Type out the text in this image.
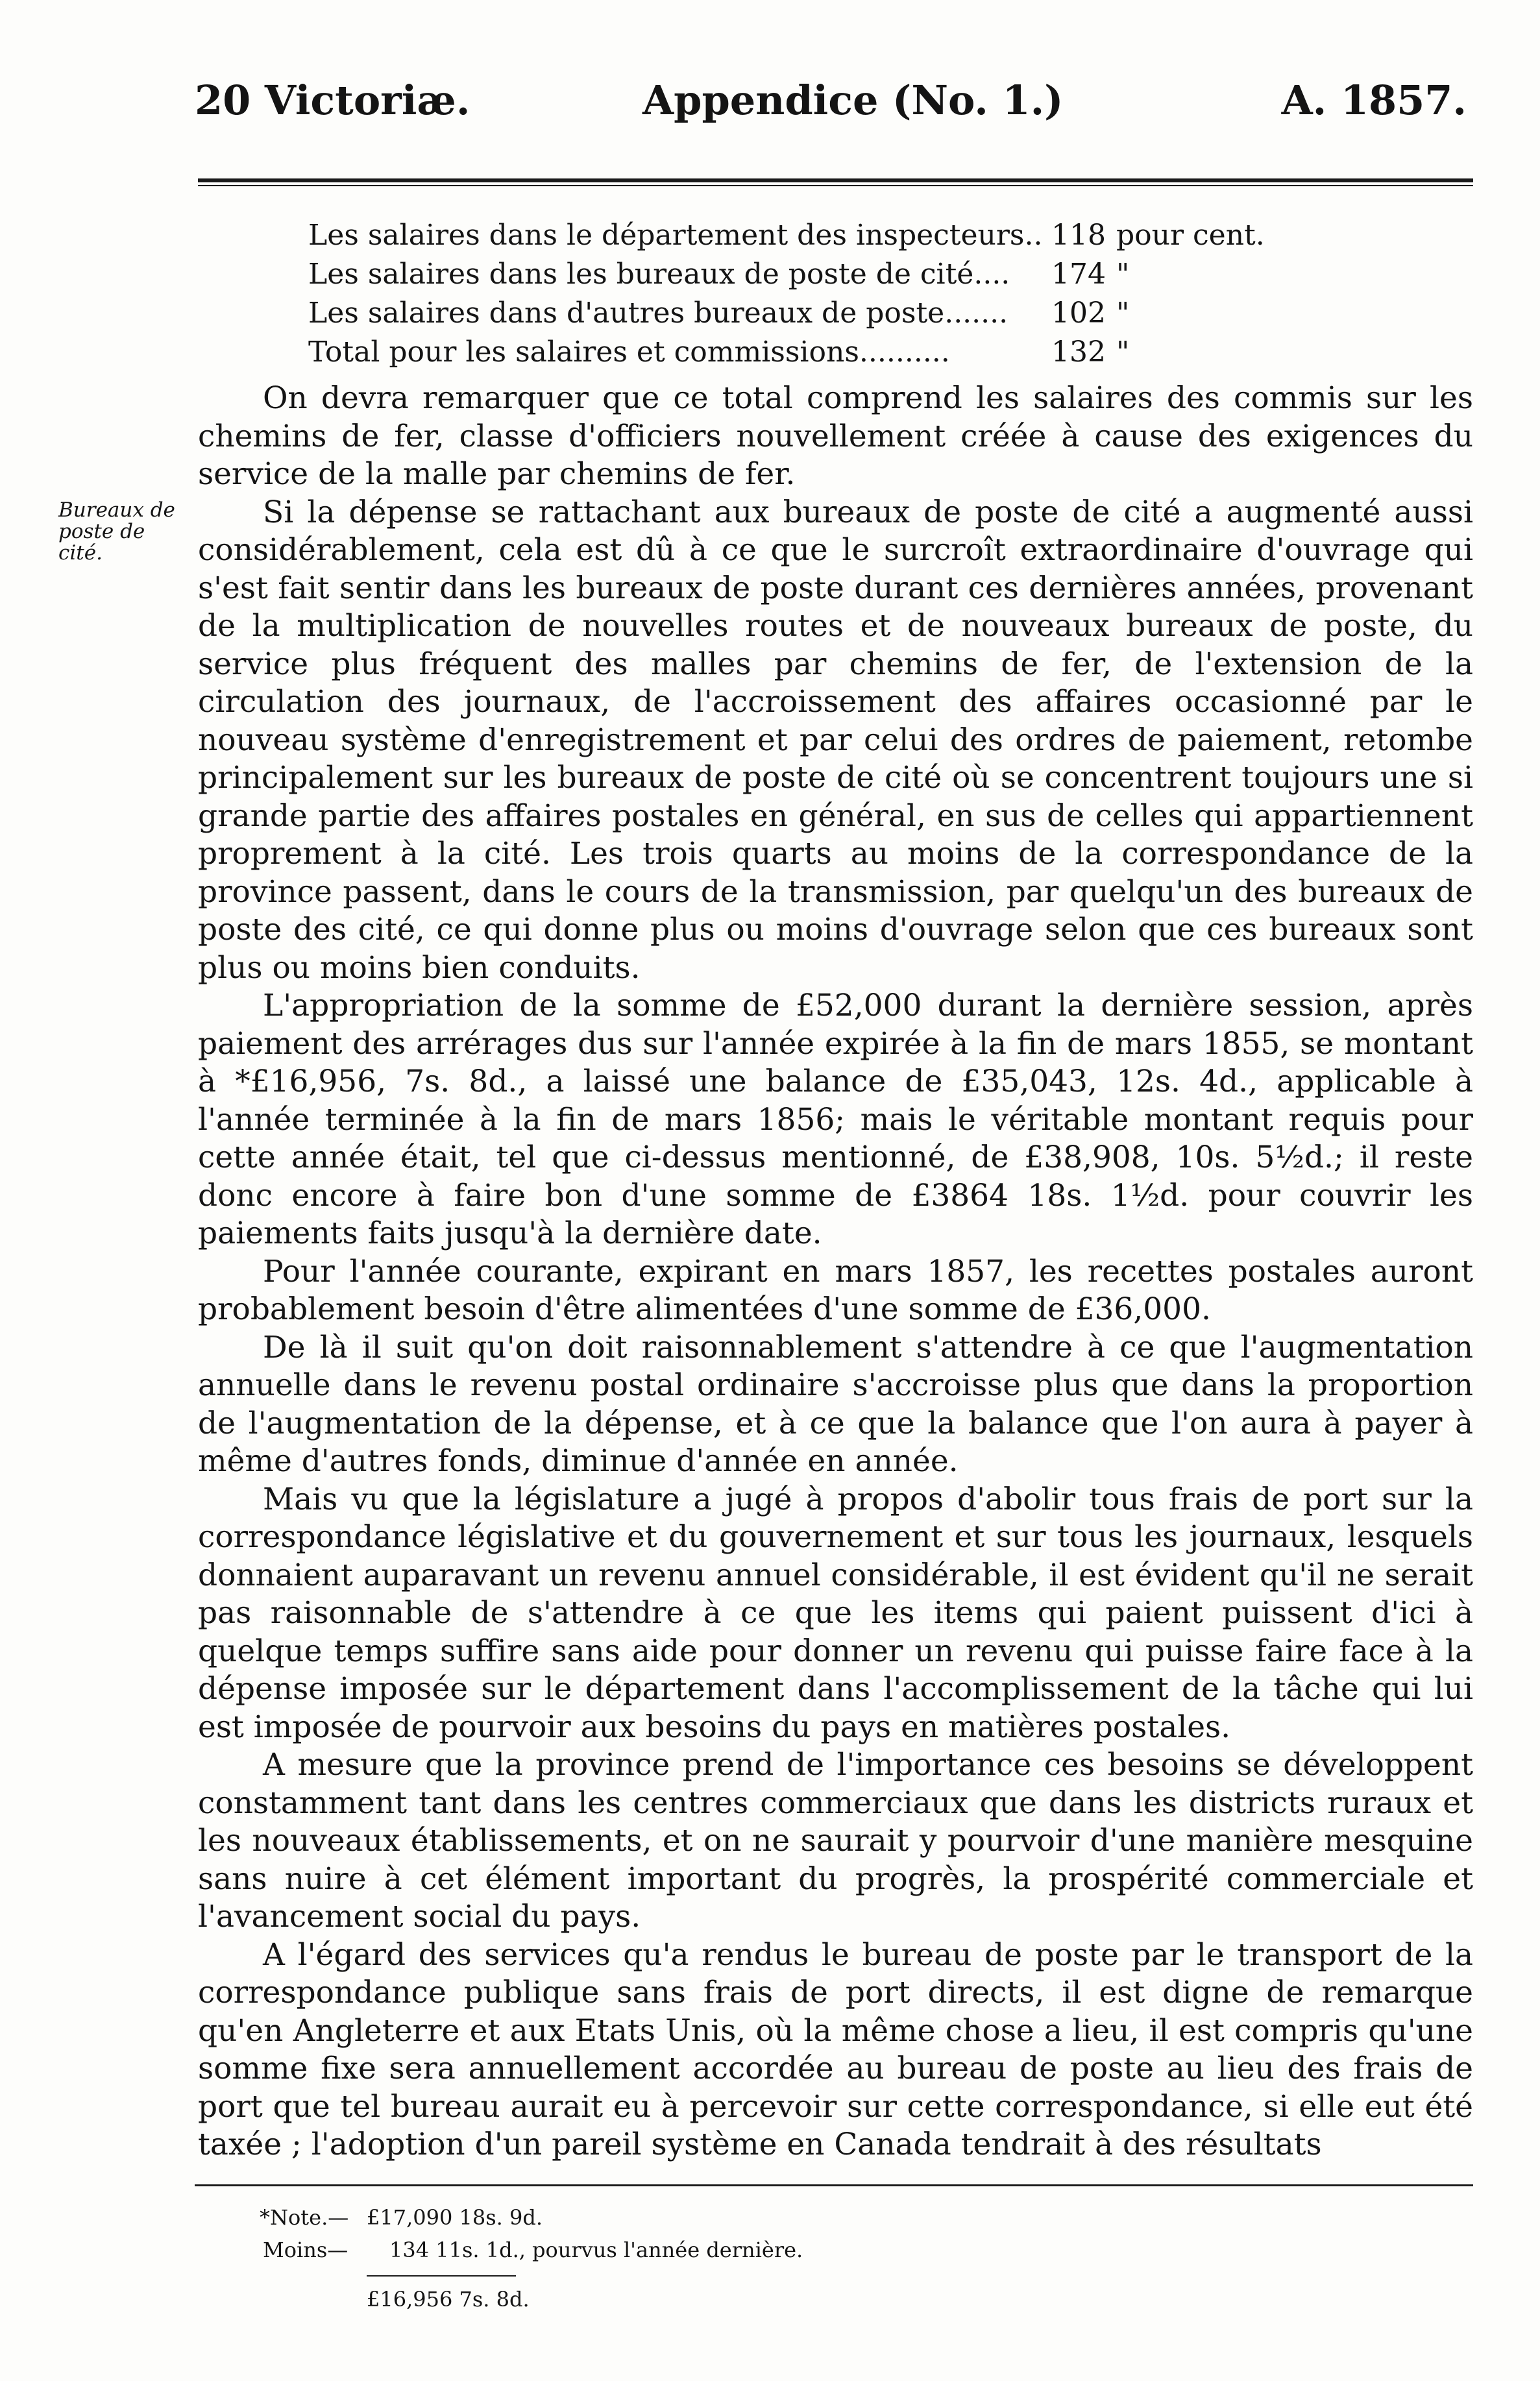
20 Victoriæ.	Appendice (No. 1.)	A. 1857.
Les salaires dans le département des inspecteurs.. 118 pour cent.
Les salaires dans les bureaux de poste de cité.... 174 "
Les salaires dans d'autres bureaux de poste....... 102 "
Total pour les salaires et commissions..........	132 "
Bureaux de poste de cité.

On devra remarquer que ce total comprend les salaires des commis sur les chemins de fer, classe d'officiers nouvellement créée à cause des exigences du service de la malle par chemins de fer.

Si la dépense se rattachant aux bureaux de poste de cité a augmenté aussi considérablement, cela est dû à ce que le surcroît extraordinaire d'ouvrage qui s'est fait sentir dans les bureaux de poste durant ces dernières années, provenant de la multiplication de nouvelles routes et de nouveaux bureaux de poste, du service plus fréquent des malles par chemins de fer, de l'extension de la circulation des journaux, de l'accroissement des affaires occasionné par le nouveau système d'enregistrement et par celui des ordres de paiement, retombe principalement sur les bureaux de poste de cité où se concentrent toujours une si grande partie des affaires postales en général, en sus de celles qui appartiennent proprement à la cité. Les trois quarts au moins de la correspondance de la province passent, dans le cours de la transmission, par quelqu'un des bureaux de poste des cité, ce qui donne plus ou moins d'ouvrage selon que ces bureaux sont plus ou moins bien conduits.

L'appropriation de la somme de £52,000 durant la dernière session, après paiement des arrérages dus sur l'année expirée à la fin de mars 1855, se montant à *£16,956, 7s. 8d., a laissé une balance de £35,043, 12s. 4d., applicable à l'année terminée à la fin de mars 1856; mais le véritable montant requis pour cette année était, tel que ci-dessus mentionné, de £38,908, 10s. 5½d.; il reste donc encore à faire bon d'une somme de £3864 18s. 1½d. pour couvrir les paiements faits jusqu'à la dernière date.

Pour l'année courante, expirant en mars 1857, les recettes postales auront probablement besoin d'être alimentées d'une somme de £36,000.

De là il suit qu'on doit raisonnablement s'attendre à ce que l'augmentation annuelle dans le revenu postal ordinaire s'accroisse plus que dans la proportion de l'augmentation de la dépense, et à ce que la balance que l'on aura à payer à même d'autres fonds, diminue d'année en année.

Mais vu que la législature a jugé à propos d'abolir tous frais de port sur la correspondance législative et du gouvernement et sur tous les journaux, lesquels donnaient auparavant un revenu annuel considérable, il est évident qu'il ne serait pas raisonnable de s'attendre à ce que les items qui paient puissent d'ici à quelque temps suffire sans aide pour donner un revenu qui puisse faire face à la dépense imposée sur le département dans l'accomplissement de la tâche qui lui est imposée de pourvoir aux besoins du pays en matières postales.

A mesure que la province prend de l'importance ces besoins se développent constamment tant dans les centres commerciaux que dans les districts ruraux et les nouveaux établissements, et on ne saurait y pourvoir d'une manière mesquine sans nuire à cet élément important du progrès, la prospérité commerciale et l'avancement social du pays.

A l'égard des services qu'a rendus le bureau de poste par le transport de la correspondance publique sans frais de port directs, il est digne de remarque qu'en Angleterre et aux Etats Unis, où la même chose a lieu, il est compris qu'une somme fixe sera annuellement accordée au bureau de poste au lieu des frais de port que tel bureau aurait eu à percevoir sur cette correspondance, si elle eut été taxée ; l'adoption d'un pareil système en Canada tendrait à des résultats

*Note.— £17,090 18s. 9d.
Moins— 134 11s. 1d., pourvus l'année dernière.
£16,956 7s. 8d.
